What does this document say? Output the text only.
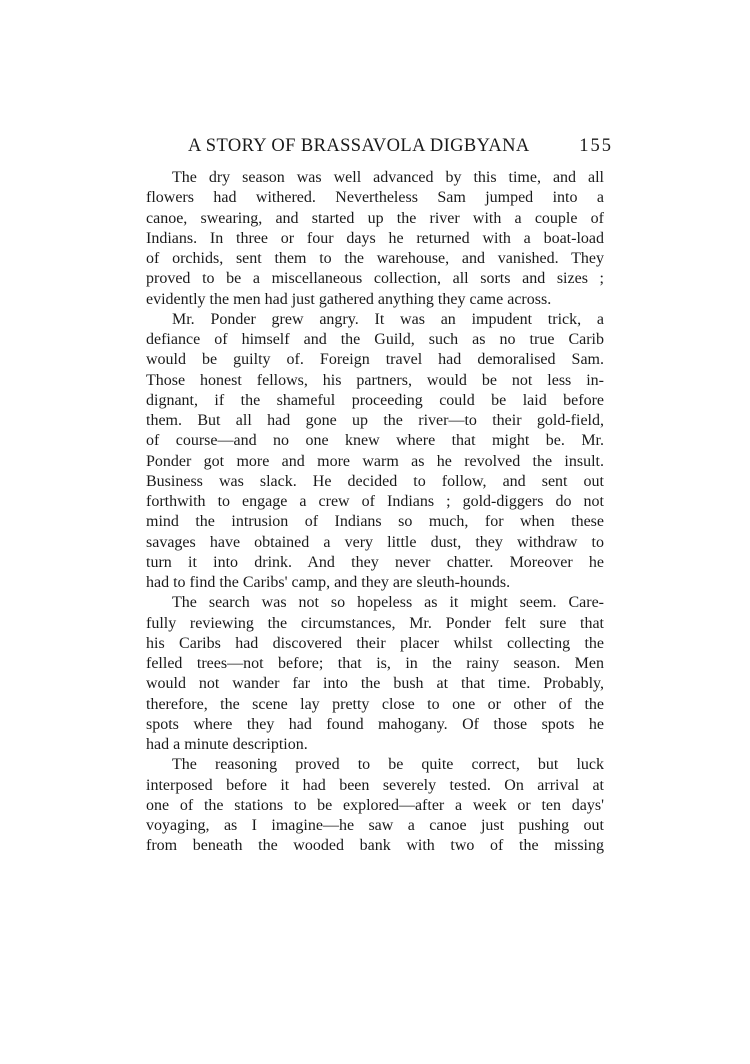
A STORY OF BRASSAVOLA DIGBYANA	155

The dry season was well advanced by this time, and all
flowers had withered. Nevertheless Sam jumped into a
canoe, swearing, and started up the river with a couple of
Indians. In three or four days he returned with a boat-load
of orchids, sent them to the warehouse, and vanished. They
proved to be a miscellaneous collection, all sorts and sizes ;
evidently the men had just gathered anything they came across.

Mr. Ponder grew angry. It was an impudent trick, a
defiance of himself and the Guild, such as no true Carib
would be guilty of. Foreign travel had demoralised Sam.
Those honest fellows, his partners, would be not less in-
dignant, if the shameful proceeding could be laid before
them. But all had gone up the river—to their gold-field,
of course—and no one knew where that might be. Mr.
Ponder got more and more warm as he revolved the insult.
Business was slack. He decided to follow, and sent out
forthwith to engage a crew of Indians ; gold-diggers do not
mind the intrusion of Indians so much, for when these
savages have obtained a very little dust, they withdraw to
turn it into drink. And they never chatter. Moreover he
had to find the Caribs' camp, and they are sleuth-hounds.

The search was not so hopeless as it might seem. Care-
fully reviewing the circumstances, Mr. Ponder felt sure that
his Caribs had discovered their placer whilst collecting the
felled trees—not before; that is, in the rainy season. Men
would not wander far into the bush at that time. Probably,
therefore, the scene lay pretty close to one or other of the
spots where they had found mahogany. Of those spots he
had a minute description.

The reasoning proved to be quite correct, but luck
interposed before it had been severely tested. On arrival at
one of the stations to be explored—after a week or ten days'
voyaging, as I imagine—he saw a canoe just pushing out
from beneath the wooded bank with two of the missing
